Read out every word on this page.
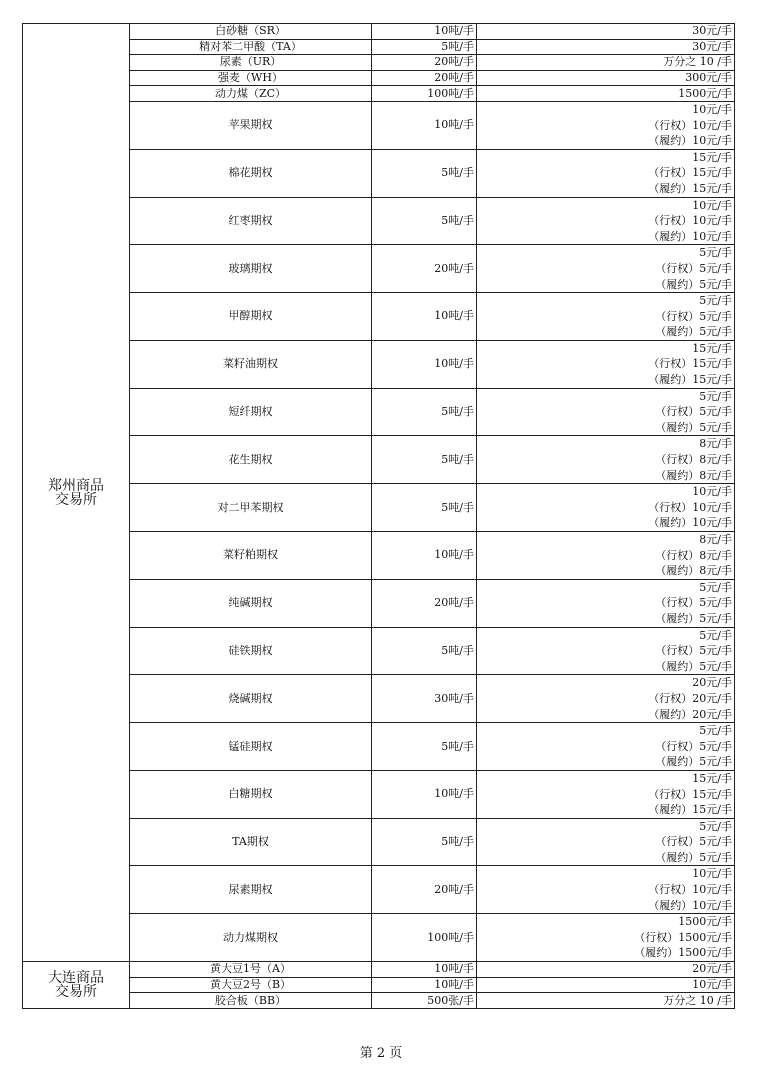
郑州商品
交易所	白砂糖（SR）	10吨/手	30元/手
	精对苯二甲酸（TA）	5吨/手	30元/手
	尿素（UR）	20吨/手	万分之 10 /手
	强麦（WH）	20吨/手	300元/手
	动力煤（ZC）	100吨/手	1500元/手
	苹果期权	10吨/手	10元/手
（行权）10元/手
（履约）10元/手

	棉花期权	5吨/手	15元/手
（行权）15元/手
（履约）15元/手

	红枣期权	5吨/手	10元/手
（行权）10元/手
（履约）10元/手

	玻璃期权	20吨/手	5元/手
（行权）5元/手
（履约）5元/手

	甲醇期权	10吨/手	5元/手
（行权）5元/手
（履约）5元/手

	菜籽油期权	10吨/手	15元/手
（行权）15元/手
（履约）15元/手

	短纤期权	5吨/手	5元/手
（行权）5元/手
（履约）5元/手

	花生期权	5吨/手	8元/手
（行权）8元/手
（履约）8元/手

	对二甲苯期权	5吨/手	10元/手
（行权）10元/手
（履约）10元/手

	菜籽粕期权	10吨/手	8元/手
（行权）8元/手
（履约）8元/手

	纯碱期权	20吨/手	5元/手
（行权）5元/手
（履约）5元/手

	硅铁期权	5吨/手	5元/手
（行权）5元/手
（履约）5元/手

	烧碱期权	30吨/手	20元/手
（行权）20元/手
（履约）20元/手

	锰硅期权	5吨/手	5元/手
（行权）5元/手
（履约）5元/手

	白糖期权	10吨/手	15元/手
（行权）15元/手
（履约）15元/手

	TA期权	5吨/手	5元/手
（行权）5元/手
（履约）5元/手

	尿素期权	20吨/手	10元/手
（行权）10元/手
（履约）10元/手

	动力煤期权	100吨/手	1500元/手
（行权）1500元/手
（履约）1500元/手

大连商品
交易所	黄大豆1号（A）	10吨/手	20元/手
	黄大豆2号（B）	10吨/手	10元/手
	胶合板（BB）	500张/手	万分之 10 /手
第 2 页
